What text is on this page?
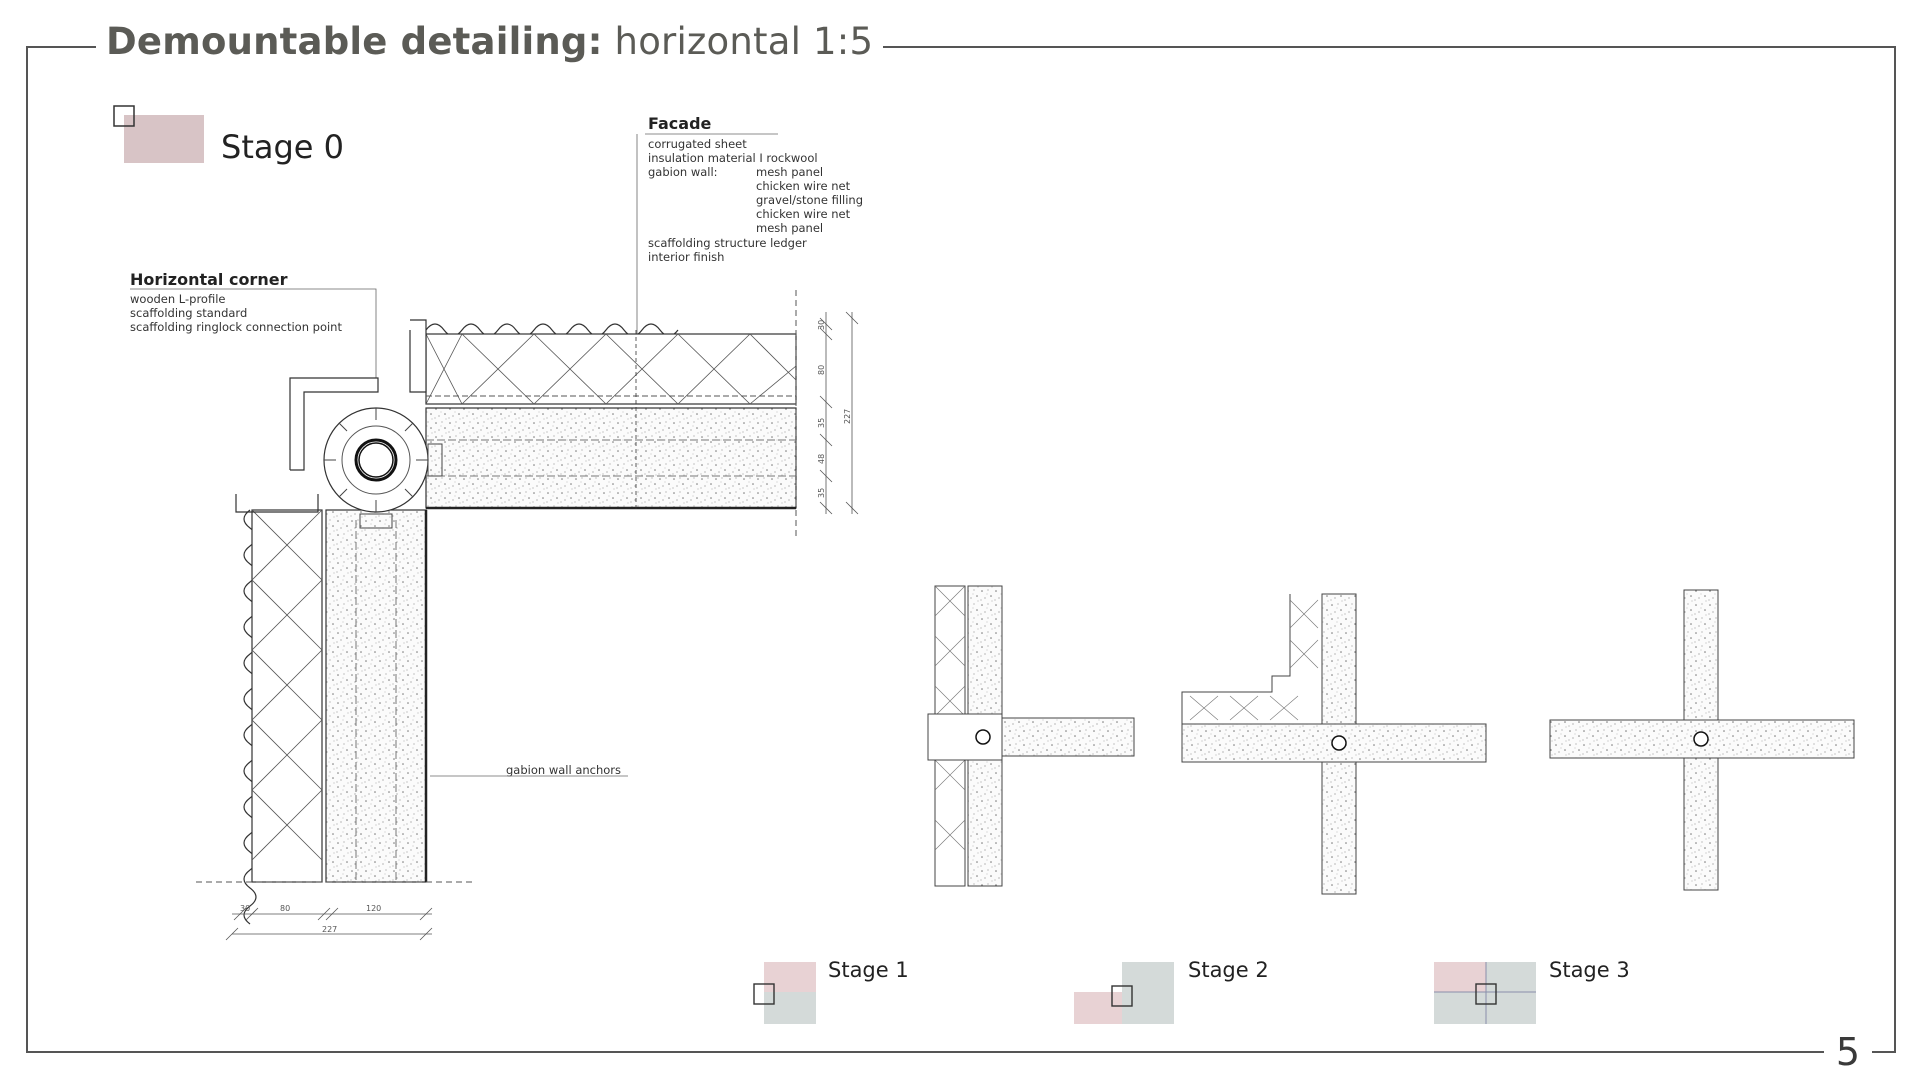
Demountable detailing: horizontal 1:5
5
Stage 0
Facade
corrugated sheet
insulation material I rockwool
gabion wall:	mesh panel
chicken wire net
gravel/stone filling
chicken wire net
mesh panel
scaffolding structure ledger
interior finish
Horizontal corner
wooden L-profile
scaffolding standard
scaffolding ringlock connection point
gabion wall anchors
30
80
35
48
35
227
30	80	120
227
Stage 1	Stage 2	Stage 3
